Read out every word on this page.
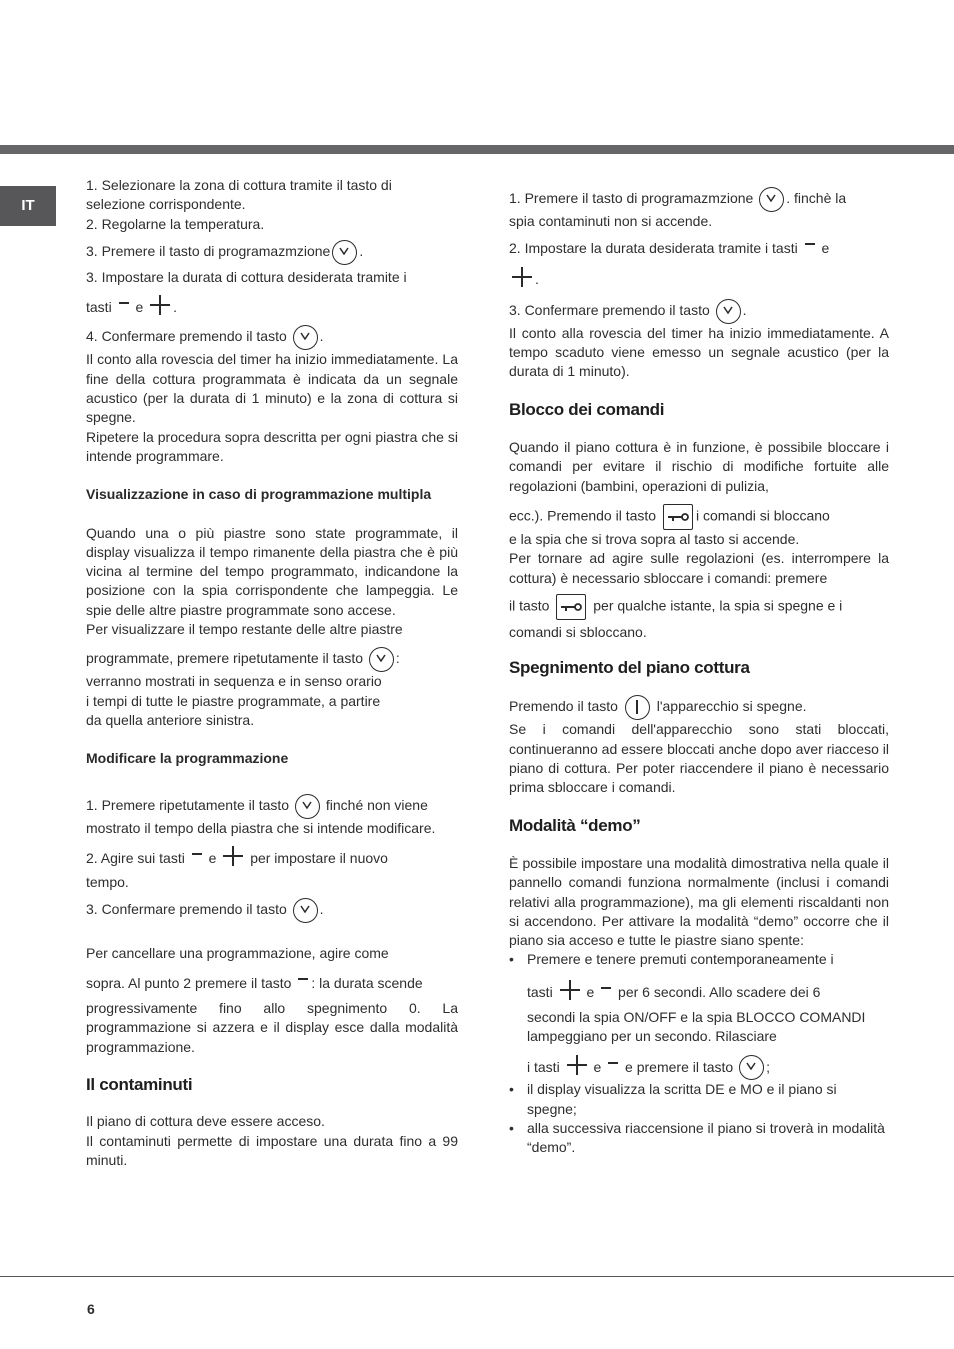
IT

1. Selezionare la zona di cottura tramite il tasto di

selezione corrispondente.

2. Regolarne la temperatura.

3. Premere il tasto di programazmzione .

3. Impostare la durata di cottura desiderata tramite i

tasti e .

4. Confermare premendo il tasto .

Il conto alla rovescia del timer ha inizio immediatamente. La fine della cottura programmata è indicata da un segnale acustico (per la durata di 1 minuto) e la zona di cottura si spegne.

Ripetere la procedura sopra descritta per ogni piastra che si intende programmare.

Visualizzazione in caso di programmazione multipla

Quando una o più piastre sono state programmate, il display visualizza il tempo rimanente della piastra che è più vicina al termine del tempo programmato, indicandone la posizione con la spia corrispondente che lampeggia. Le spie delle altre piastre programmate sono accese.

Per visualizzare il tempo restante delle altre piastre

programmate, premere ripetutamente il tasto :

verranno mostrati in sequenza e in senso orario

i tempi di tutte le piastre programmate, a partire

da quella anteriore sinistra.

Modificare la programmazione

1. Premere ripetutamente il tasto	finché non viene

mostrato il tempo della piastra che si intende modificare.

2. Agire sui tasti e per impostare il nuovo

tempo.

3. Confermare premendo il tasto .

Per cancellare una programmazione, agire come

sopra. Al punto 2 premere il tasto : la durata scende

progressivamente fino allo spegnimento 0. La programmazione si azzera e il display esce dalla modalità programmazione.

Il contaminuti

Il piano di cottura deve essere acceso.

Il contaminuti permette di impostare una durata fino a 99 minuti.

1. Premere il tasto di programazmzione . finchè la

spia contaminuti non si accende.

2. Impostare la durata desiderata tramite i tasti e

.

3. Confermare premendo il tasto .

Il conto alla rovescia del timer ha inizio immediatamente. A tempo scaduto viene emesso un segnale acustico (per la durata di 1 minuto).

Blocco dei comandi

Quando il piano cottura è in funzione, è possibile bloccare i comandi per evitare il rischio di modifiche fortuite alle regolazioni (bambini, operazioni di pulizia,

ecc.). Premendo il tasto	i comandi si bloccano

e la spia che si trova sopra al tasto si accende.

Per tornare ad agire sulle regolazioni (es. interrompere la cottura) è necessario sbloccare i comandi: premere

il tasto	per qualche istante, la spia si spegne e i

comandi si sbloccano.

Spegnimento del piano cottura

Premendo il tasto	l'apparecchio si spegne.

Se i comandi dell'apparecchio sono stati bloccati, continueranno ad essere bloccati anche dopo aver riacceso il piano di cottura. Per poter riaccendere il piano è necessario prima sbloccare i comandi.

Modalità “demo”

È possibile impostare una modalità dimostrativa nella quale il pannello comandi funziona normalmente (inclusi i comandi relativi alla programmazione), ma gli elementi riscaldanti non si accendono. Per attivare la modalità “demo” occorre che il piano sia acceso e tutte le piastre siano spente:

• Premere e tenere premuti contemporaneamente i

tasti e per 6 secondi. Allo scadere dei 6

secondi la spia ON/OFF e la spia BLOCCO COMANDI lampeggiano per un secondo. Rilasciare

i tasti e e premere il tasto ;

• il display visualizza la scritta DE e MO e il piano si spegne;
• alla successiva riaccensione il piano si troverà in modalità “demo”.
6
